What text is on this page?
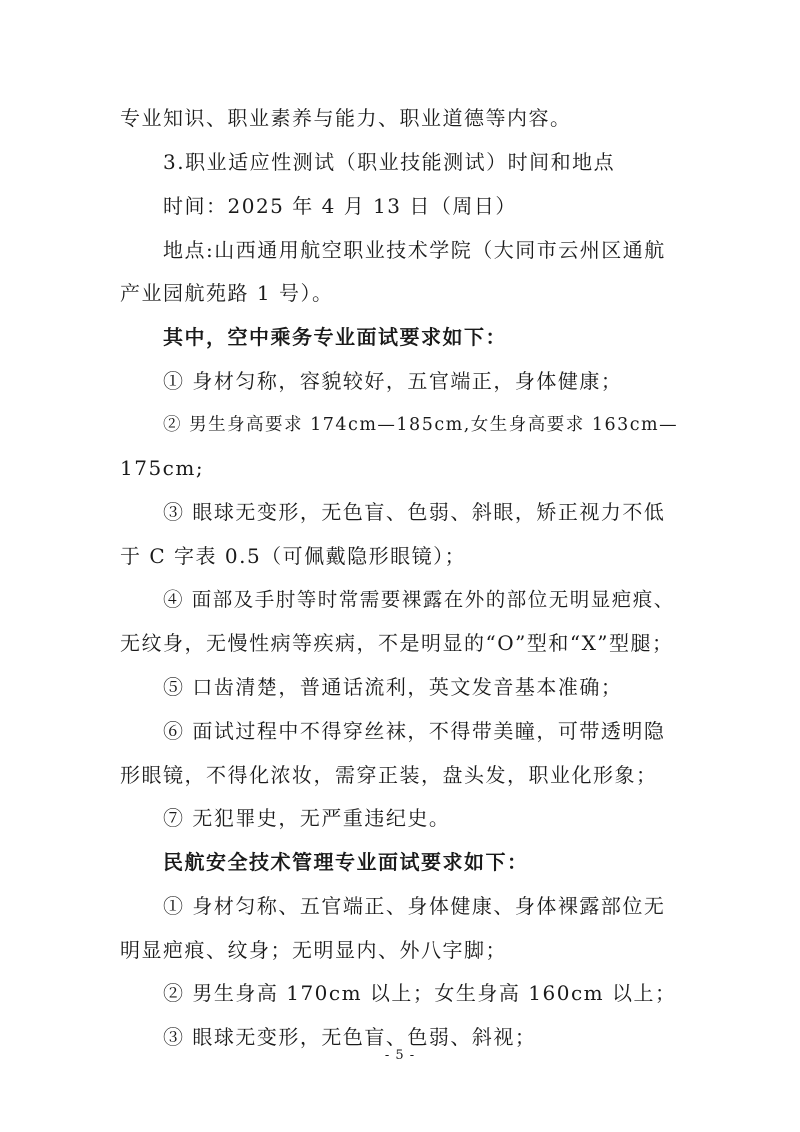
专业知识、职业素养与能力、职业道德等内容。
3.职业适应性测试（职业技能测试）时间和地点
时间：2025 年 4 月 13 日（周日）
地点:山西通用航空职业技术学院（大同市云州区通航
产业园航苑路 1 号）。
其中，空中乘务专业面试要求如下：
① 身材匀称，容貌较好，五官端正，身体健康；
② 男生身高要求 174cm—185cm,女生身高要求 163cm—
175cm;
③ 眼球无变形，无色盲、色弱、斜眼，矫正视力不低
于 C 字表 0.5（可佩戴隐形眼镜）；
④ 面部及手肘等时常需要裸露在外的部位无明显疤痕、
无纹身，无慢性病等疾病，不是明显的“O”型和“X”型腿；
⑤ 口齿清楚，普通话流利，英文发音基本准确；
⑥ 面试过程中不得穿丝袜，不得带美瞳，可带透明隐
形眼镜，不得化浓妆，需穿正装，盘头发，职业化形象；
⑦ 无犯罪史，无严重违纪史。
民航安全技术管理专业面试要求如下：
① 身材匀称、五官端正、身体健康、身体裸露部位无
明显疤痕、纹身；无明显内、外八字脚；
② 男生身高 170cm 以上；女生身高 160cm 以上；
③ 眼球无变形，无色盲、色弱、斜视；
- 5 -
